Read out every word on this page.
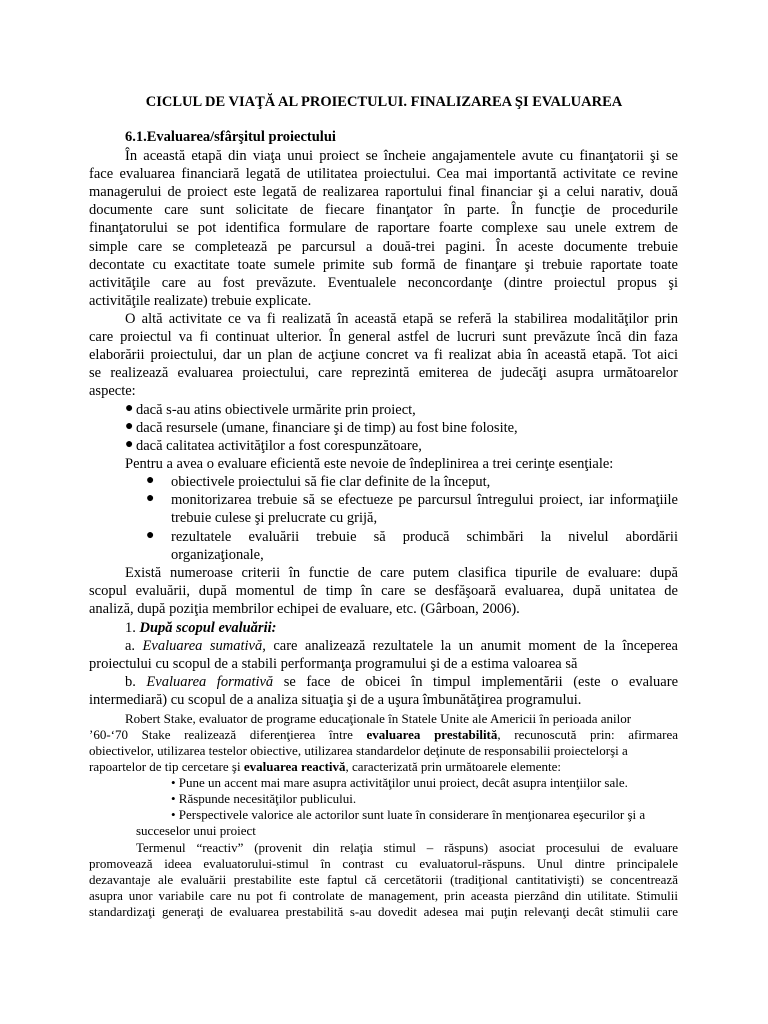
CICLUL DE VIAŢĂ AL PROIECTULUI. FINALIZAREA ŞI EVALUAREA
6.1.Evaluarea/sfârşitul proiectului
În această etapă din viaţa unui proiect se încheie angajamentele avute cu finanţatorii şi se
face evaluarea financiară legată de utilitatea proiectului. Cea mai importantă activitate ce revine
managerului de proiect este legată de realizarea raportului final financiar şi a celui narativ, două
documente care sunt solicitate de fiecare finanţator în parte. În funcţie de procedurile
finanţatorului se pot identifica formulare de raportare foarte complexe sau unele extrem de
simple care se completează pe parcursul a două-trei pagini. În aceste documente trebuie
decontate cu exactitate toate sumele primite sub formă de finanţare şi trebuie raportate toate
activităţile care au fost prevăzute. Eventualele neconcordanţe (dintre proiectul propus şi
activităţile realizate) trebuie explicate.
O altă activitate ce va fi realizată în această etapă se referă la stabilirea modalităţilor prin
care proiectul va fi continuat ulterior. În general astfel de lucruri sunt prevăzute încă din faza
elaborării proiectului, dar un plan de acţiune concret va fi realizat abia în această etapă. Tot aici
se realizează evaluarea proiectului, care reprezintă emiterea de judecăţi asupra următoarelor
aspecte:
● dacă s-au atins obiectivele urmărite prin proiect,
● dacă resursele (umane, financiare şi de timp) au fost bine folosite,
● dacă calitatea activităţilor a fost corespunzătoare,
Pentru a avea o evaluare eficientă este nevoie de îndeplinirea a trei cerinţe esenţiale:
● obiectivele proiectului să fie clar definite de la început,
● monitorizarea trebuie să se efectueze pe parcursul întregului proiect, iar informaţiile
trebuie culese şi prelucrate cu grijă,
● rezultatele evaluării trebuie să producă schimbări la nivelul abordării
organizaţionale,
Există numeroase criterii în functie de care putem clasifica tipurile de evaluare: după
scopul evaluării, după momentul de timp în care se desfăşoară evaluarea, după unitatea de
analiză, după poziţia membrilor echipei de evaluare, etc. (Gârboan, 2006).
1. După scopul evaluării:
a. Evaluarea sumativă, care analizează rezultatele la un anumit moment de la începerea
proiectului cu scopul de a stabili performanţa programului şi de a estima valoarea să
b. Evaluarea formativă se face de obicei în timpul implementării (este o evaluare
intermediară) cu scopul de a analiza situaţia şi de a uşura îmbunătăţirea programului.
Robert Stake, evaluator de programe educaţionale în Statele Unite ale Americii în perioada anilor
’60-‘70 Stake realizează diferenţierea între evaluarea prestabilită, recunoscută prin: afirmarea
obiectivelor, utilizarea testelor obiective, utilizarea standardelor deţinute de responsabilii proiectelorşi a
rapoartelor de tip cercetare şi evaluarea reactivă, caracterizată prin următoarele elemente:
• Pune un accent mai mare asupra activităţilor unui proiect, decât asupra intenţiilor sale.
• Răspunde necesităţilor publicului.
• Perspectivele valorice ale actorilor sunt luate în considerare în menţionarea eşecurilor şi a
succeselor unui proiect
Termenul “reactiv” (provenit din relaţia stimul – răspuns) asociat procesului de evaluare
promovează ideea evaluatorului-stimul în contrast cu evaluatorul-răspuns. Unul dintre principalele
dezavantaje ale evaluării prestabilite este faptul că cercetătorii (tradiţional cantitativişti) se concentrează
asupra unor variabile care nu pot fi controlate de management, prin aceasta pierzând din utilitate. Stimulii
standardizaţi generaţi de evaluarea prestabilită s-au dovedit adesea mai puţin relevanţi decât stimulii care
